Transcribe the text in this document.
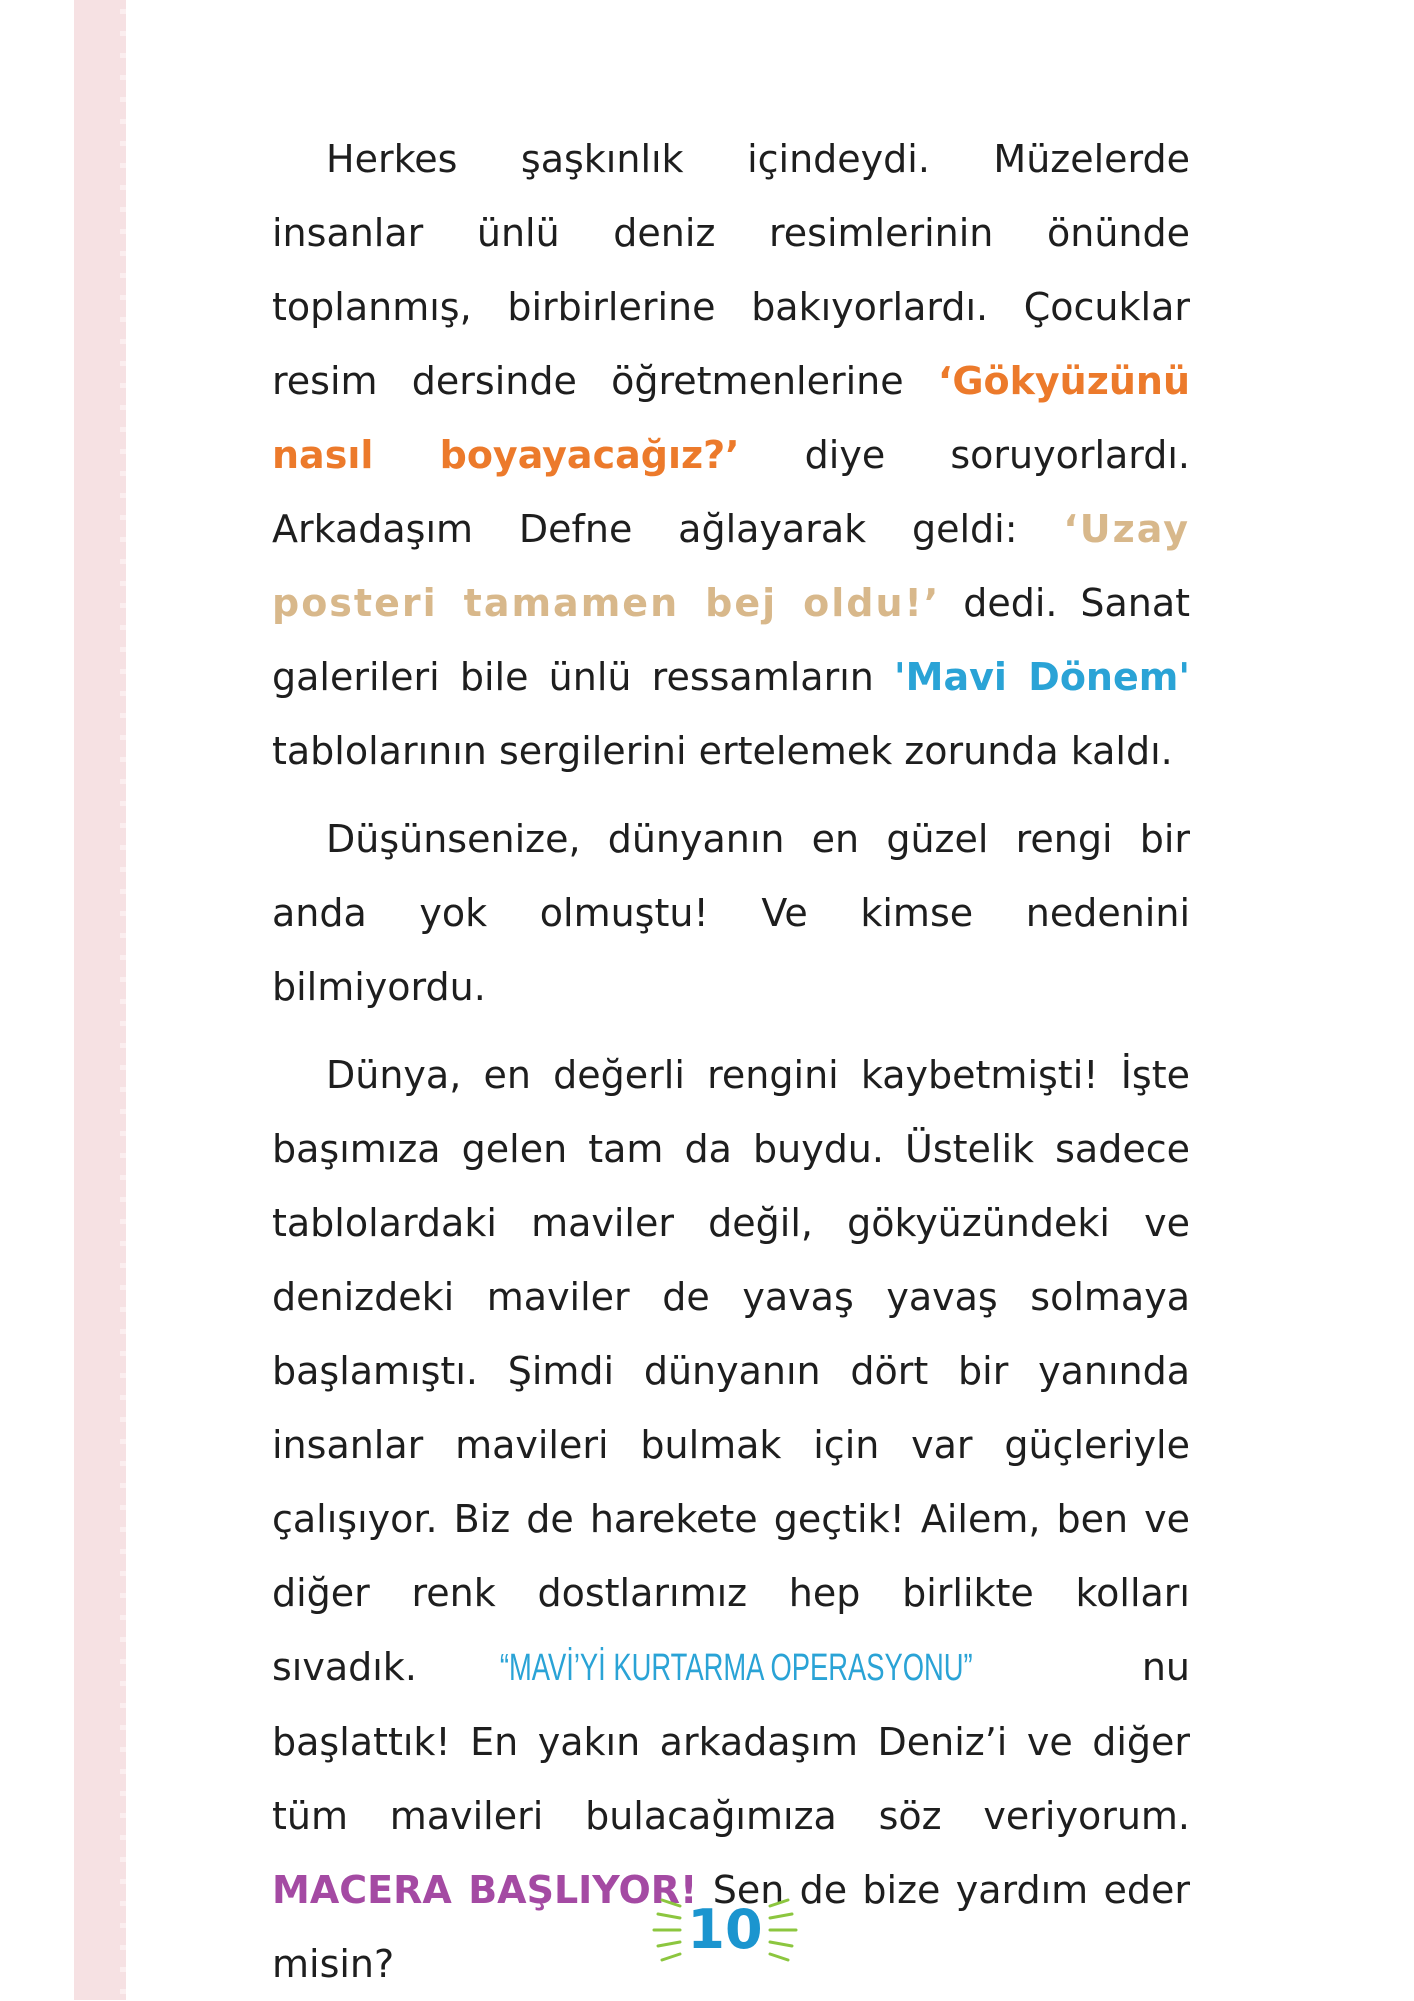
Herkes şaşkınlık içindeydi. Müzelerde insanlar ünlü deniz resimlerinin önünde toplanmış, birbirlerine bakıyorlardı. Çocuklar resim dersinde öğretmenlerine ‘Gökyüzünü nasıl boyayacağız?’ diye soruyorlardı. Arkadaşım Defne ağlayarak geldi: ‘Uzay posteri tamamen bej oldu!’ dedi. Sanat galerileri bile ünlü ressamların 'Mavi Dönem' tablolarının sergilerini ertelemek zorunda kaldı.

Düşünsenize, dünyanın en güzel rengi bir anda yok olmuştu! Ve kimse nedenini bilmiyordu.

Dünya, en değerli rengini kaybetmişti! İşte başımıza gelen tam da buydu. Üstelik sadece tablolardaki maviler değil, gökyüzündeki ve denizdeki maviler de yavaş yavaş solmaya başlamıştı. Şimdi dünyanın dört bir yanında insanlar mavileri bulmak için var güçleriyle çalışıyor. Biz de harekete geçtik! Ailem, ben ve diğer renk dostlarımız hep birlikte kolları sıvadık. “MAVİ’Yİ KURTARMA OPERASYONU”	nu başlattık! En yakın arkadaşım Deniz’i ve diğer tüm mavileri bulacağımıza söz veriyorum. MACERA BAŞLIYOR! Sen de bize yardım eder misin?

10
